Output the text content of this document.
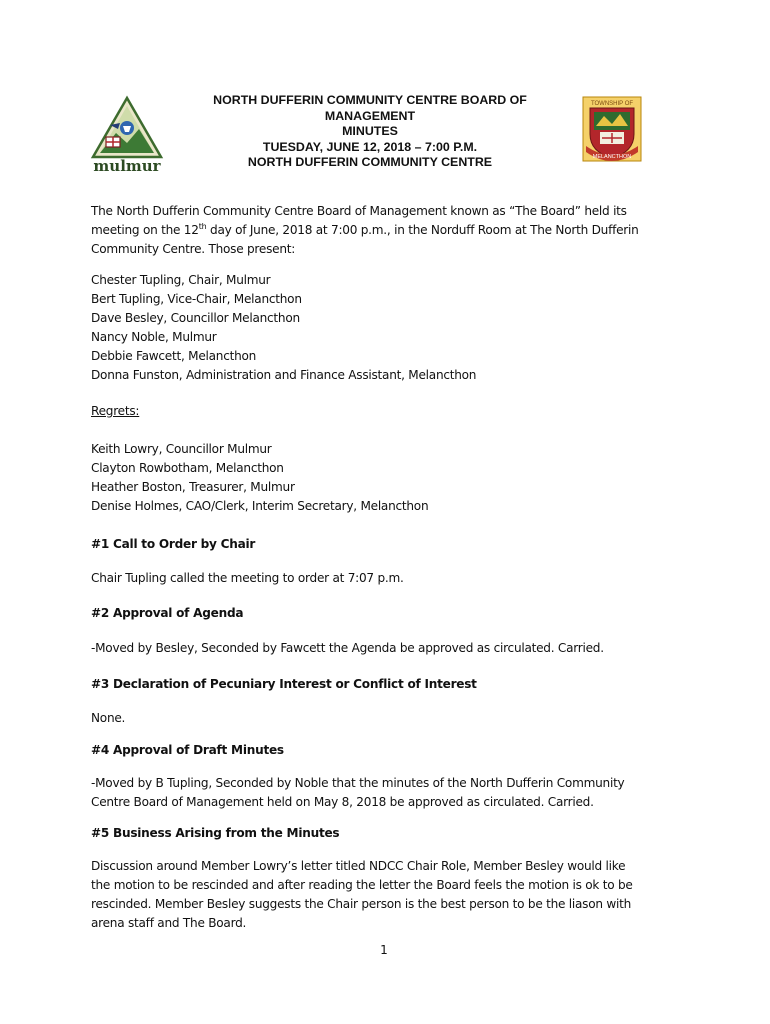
mulmur
TOWNSHIP OF
MELANCTHON
NORTH DUFFERIN COMMUNITY CENTRE BOARD OF
MANAGEMENT
MINUTES
TUESDAY, JUNE 12, 2018 – 7:00 P.M.
NORTH DUFFERIN COMMUNITY CENTRE

The North Dufferin Community Centre Board of Management known as “The Board” held its

meeting on the 12th day of June, 2018 at 7:00 p.m., in the Norduff Room at The North Dufferin

Community Centre. Those present:

Chester Tupling, Chair, Mulmur

Bert Tupling, Vice-Chair, Melancthon

Dave Besley, Councillor Melancthon

Nancy Noble, Mulmur

Debbie Fawcett, Melancthon

Donna Funston, Administration and Finance Assistant, Melancthon

Regrets:

Keith Lowry, Councillor Mulmur

Clayton Rowbotham, Melancthon

Heather Boston, Treasurer, Mulmur

Denise Holmes, CAO/Clerk, Interim Secretary, Melancthon

#1 Call to Order by Chair

Chair Tupling called the meeting to order at 7:07 p.m.

#2 Approval of Agenda

-Moved by Besley, Seconded by Fawcett the Agenda be approved as circulated. Carried.

#3 Declaration of Pecuniary Interest or Conflict of Interest

None.

#4 Approval of Draft Minutes

-Moved by B Tupling, Seconded by Noble that the minutes of the North Dufferin Community

Centre Board of Management held on May 8, 2018 be approved as circulated. Carried.

#5 Business Arising from the Minutes

Discussion around Member Lowry’s letter titled NDCC Chair Role, Member Besley would like

the motion to be rescinded and after reading the letter the Board feels the motion is ok to be

rescinded. Member Besley suggests the Chair person is the best person to be the liason with

arena staff and The Board.

1
